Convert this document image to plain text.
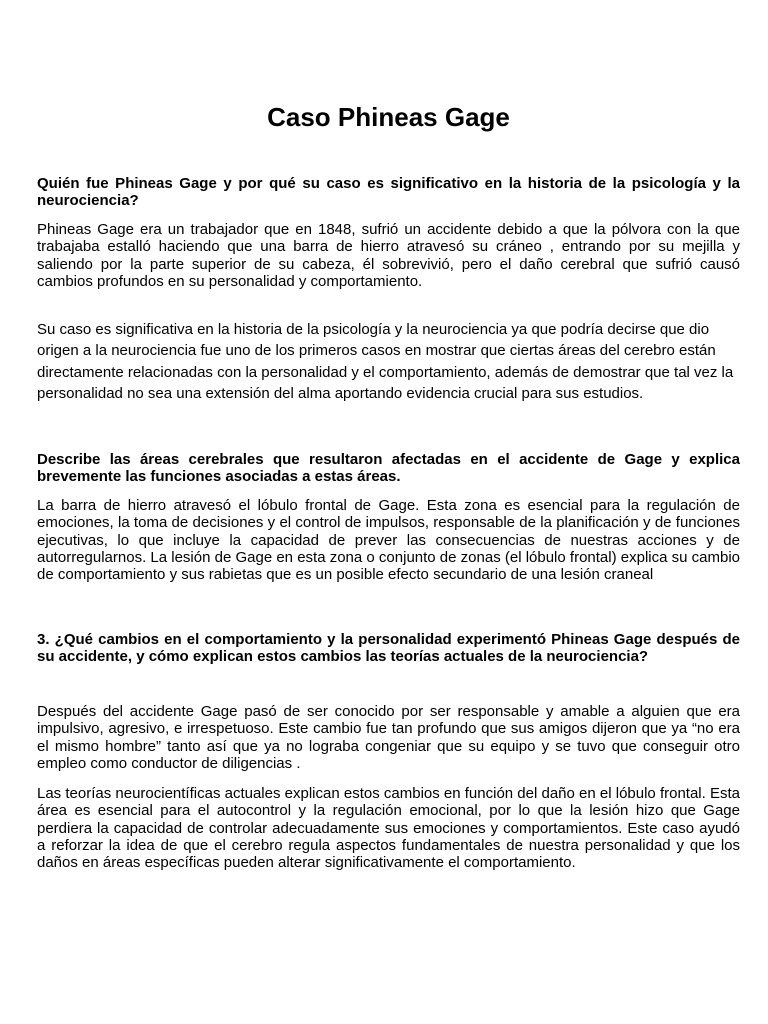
Caso Phineas Gage

Quién fue Phineas Gage y por qué su caso es significativo en la historia de la psicología y la neurociencia?

Phineas Gage era un trabajador que en 1848, sufrió un accidente debido a que la pólvora con la que trabajaba estalló haciendo que una barra de hierro atravesó su cráneo , entrando por su mejilla y saliendo por la parte superior de su cabeza, él sobrevivió, pero el daño cerebral que sufrió causó cambios profundos en su personalidad y comportamiento.

Su caso es significativa en la historia de la psicología y la neurociencia ya que podría decirse que dio origen a la neurociencia fue uno de los primeros casos en mostrar que ciertas áreas del cerebro están directamente relacionadas con la personalidad y el comportamiento, además de demostrar que tal vez la personalidad no sea una extensión del alma aportando evidencia crucial para sus estudios.

Describe las áreas cerebrales que resultaron afectadas en el accidente de Gage y explica brevemente las funciones asociadas a estas áreas.

La barra de hierro atravesó el lóbulo frontal de Gage. Esta zona es esencial para la regulación de emociones, la toma de decisiones y el control de impulsos, responsable de la planificación y de funciones ejecutivas, lo que incluye la capacidad de prever las consecuencias de nuestras acciones y de autorregularnos. La lesión de Gage en esta zona o conjunto de zonas (el lóbulo frontal) explica su cambio de comportamiento y sus rabietas que es un posible efecto secundario de una lesión craneal

3. ¿Qué cambios en el comportamiento y la personalidad experimentó Phineas Gage después de su accidente, y cómo explican estos cambios las teorías actuales de la neurociencia?

Después del accidente Gage pasó de ser conocido por ser responsable y amable a alguien que era impulsivo, agresivo, e irrespetuoso. Este cambio fue tan profundo que sus amigos dijeron que ya “no era el mismo hombre” tanto así que ya no lograba congeniar que su equipo y se tuvo que conseguir otro empleo como conductor de diligencias .

Las teorías neurocientíficas actuales explican estos cambios en función del daño en el lóbulo frontal. Esta área es esencial para el autocontrol y la regulación emocional, por lo que la lesión hizo que Gage perdiera la capacidad de controlar adecuadamente sus emociones y comportamientos. Este caso ayudó a reforzar la idea de que el cerebro regula aspectos fundamentales de nuestra personalidad y que los daños en áreas específicas pueden alterar significativamente el comportamiento.
